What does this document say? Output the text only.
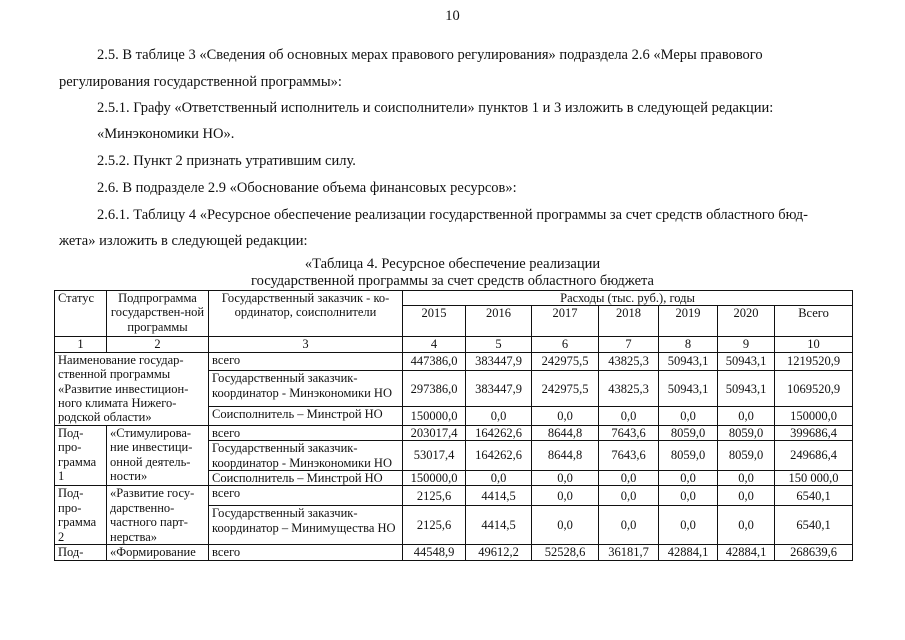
10
2.5. В таблице 3 «Сведения об основных мерах правового регулирования» подраздела 2.6 «Меры правового
регулирования государственной программы»:
2.5.1. Графу «Ответственный исполнитель и соисполнители» пунктов 1 и 3 изложить в следующей редакции:
«Минэкономики НО».
2.5.2. Пункт 2 признать утратившим силу.
2.6. В подразделе 2.9 «Обоснование объема финансовых ресурсов»:
2.6.1. Таблицу 4 «Ресурсное обеспечение реализации государственной программы за счет средств областного бюд-
жета» изложить в следующей редакции:
«Таблица 4. Ресурсное обеспечение реализации
государственной программы за счет средств областного бюджета
Статус	Подпрограмма государствен-ной программы	Государственный заказчик - ко-ординатор, соисполнители	Расходы (тыс. руб.), годы						
			2015	2016	2017	2018	2019	2020	Всего
1	2	3	4	5	6	7	8	9	10
Наименование государ-ственной программы «Развитие инвестицион-ного климата Нижего-родской области»		всего	447386,0	383447,9	242975,5	43825,3	50943,1	50943,1	1219520,9
		Государственный заказчик-координатор - Минэкономики НО	297386,0	383447,9	242975,5	43825,3	50943,1	50943,1	1069520,9
		Соисполнитель – Минстрой НО	150000,0	0,0	0,0	0,0	0,0	0,0	150000,0
Под-про-грамма 1	«Стимулирова-ние инвестици-онной деятель-ности»	всего	203017,4	164262,6	8644,8	7643,6	8059,0	8059,0	399686,4
		Государственный заказчик-координатор - Минэкономики НО	53017,4	164262,6	8644,8	7643,6	8059,0	8059,0	249686,4
		Соисполнитель – Минстрой НО	150000,0	0,0	0,0	0,0	0,0	0,0	150 000,0
Под-про-грамма 2	«Развитие госу-дарственно-частного парт-нерства»	всего	2125,6	4414,5	0,0	0,0	0,0	0,0	6540,1
		Государственный заказчик-координатор – Минимущества НО	2125,6	4414,5	0,0	0,0	0,0	0,0	6540,1
Под-	«Формирование	всего	44548,9	49612,2	52528,6	36181,7	42884,1	42884,1	268639,6
